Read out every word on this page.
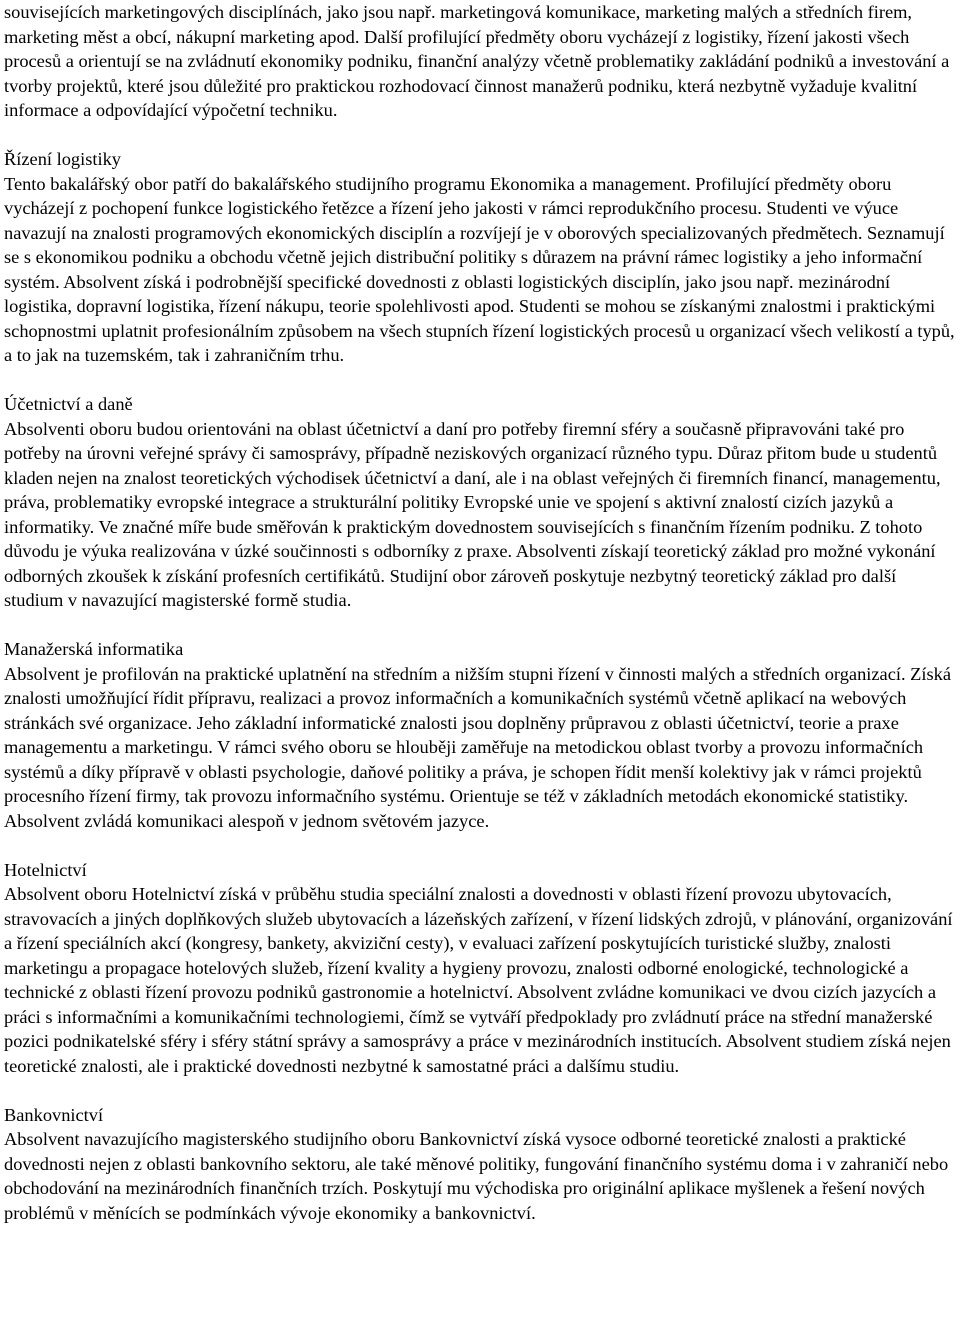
souvisejících marketingových disciplínách, jako jsou např. marketingová komunikace, marketing malých a středních firem, marketing měst a obcí, nákupní marketing apod. Další profilující předměty oboru vycházejí z logistiky, řízení jakosti všech procesů a orientují se na zvládnutí ekonomiky podniku, finanční analýzy včetně problematiky zakládání podniků a investování a tvorby projektů, které jsou důležité pro praktickou rozhodovací činnost manažerů podniku, která nezbytně vyžaduje kvalitní informace a odpovídající výpočetní techniku.

Řízení logistiky

Tento bakalářský obor patří do bakalářského studijního programu Ekonomika a management. Profilující předměty oboru vycházejí z pochopení funkce logistického řetězce a řízení jeho jakosti v rámci reprodukčního procesu. Studenti ve výuce navazují na znalosti programových ekonomických disciplín a rozvíjejí je v oborových specializovaných předmětech. Seznamují se s ekonomikou podniku a obchodu včetně jejich distribuční politiky s důrazem na právní rámec logistiky a jeho informační systém. Absolvent získá i podrobnější specifické dovednosti z oblasti logistických disciplín, jako jsou např. mezinárodní logistika, dopravní logistika, řízení nákupu, teorie spolehlivosti apod. Studenti se mohou se získanými znalostmi i praktickými schopnostmi uplatnit profesionálním způsobem na všech stupních řízení logistických procesů u organizací všech velikostí a typů, a to jak na tuzemském, tak i zahraničním trhu.

Účetnictví a daně

Absolventi oboru budou orientováni na oblast účetnictví a daní pro potřeby firemní sféry a současně připravováni také pro potřeby na úrovni veřejné správy či samosprávy, případně neziskových organizací různého typu. Důraz přitom bude u studentů kladen nejen na znalost teoretických východisek účetnictví a daní, ale i na oblast veřejných či firemních financí, managementu, práva, problematiky evropské integrace a strukturální politiky Evropské unie ve spojení s aktivní znalostí cizích jazyků a informatiky. Ve značné míře bude směřován k praktickým dovednostem souvisejících s finančním řízením podniku. Z tohoto důvodu je výuka realizována v úzké součinnosti s odborníky z praxe. Absolventi získají teoretický základ pro možné vykonání odborných zkoušek k získání profesních certifikátů. Studijní obor zároveň poskytuje nezbytný teoretický základ pro další studium v navazující magisterské formě studia.

Manažerská informatika

Absolvent je profilován na praktické uplatnění na středním a nižším stupni řízení v činnosti malých a středních organizací. Získá znalosti umožňující řídit přípravu, realizaci a provoz informačních a komunikačních systémů včetně aplikací na webových stránkách své organizace. Jeho základní informatické znalosti jsou doplněny průpravou z oblasti účetnictví, teorie a praxe managementu a marketingu. V rámci svého oboru se hlouběji zaměřuje na metodickou oblast tvorby a provozu informačních systémů a díky přípravě v oblasti psychologie, daňové politiky a práva, je schopen řídit menší kolektivy jak v rámci projektů procesního řízení firmy, tak provozu informačního systému. Orientuje se též v základních metodách ekonomické statistiky. Absolvent zvládá komunikaci alespoň v jednom světovém jazyce.

Hotelnictví

Absolvent oboru Hotelnictví získá v průběhu studia speciální znalosti a dovednosti v oblasti řízení provozu ubytovacích, stravovacích a jiných doplňkových služeb ubytovacích a lázeňských zařízení, v řízení lidských zdrojů, v plánování, organizování a řízení speciálních akcí (kongresy, bankety, akviziční cesty), v evaluaci zařízení poskytujících turistické služby, znalosti marketingu a propagace hotelových služeb, řízení kvality a hygieny provozu, znalosti odborné enologické, technologické a technické z oblasti řízení provozu podniků gastronomie a hotelnictví. Absolvent zvládne komunikaci ve dvou cizích jazycích a práci s informačními a komunikačními technologiemi, čímž se vytváří předpoklady pro zvládnutí práce na střední manažerské pozici podnikatelské sféry i sféry státní správy a samosprávy a práce v mezinárodních institucích. Absolvent studiem získá nejen teoretické znalosti, ale i praktické dovednosti nezbytné k samostatné práci a dalšímu studiu.

Bankovnictví

Absolvent navazujícího magisterského studijního oboru Bankovnictví získá vysoce odborné teoretické znalosti a praktické dovednosti nejen z oblasti bankovního sektoru, ale také měnové politiky, fungování finančního systému doma i v zahraničí nebo obchodování na mezinárodních finančních trzích. Poskytují mu východiska pro originální aplikace myšlenek a řešení nových problémů v měnících se podmínkách vývoje ekonomiky a bankovnictví.
